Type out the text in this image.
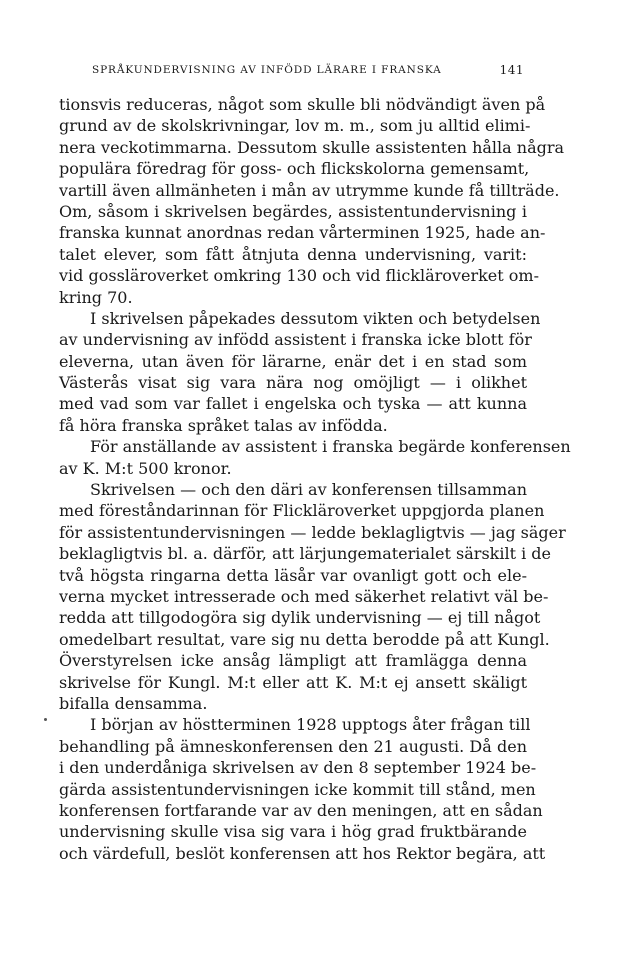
SPRÅKUNDERVISNING AV INFÖDD LÄRARE I FRANSKA	141
tionsvis reduceras, något som skulle bli nödvändigt även på
grund av de skolskrivningar, lov m. m., som ju alltid elimi-
nera veckotimmarna. Dessutom skulle assistenten hålla några
populära föredrag för goss- och flickskolorna gemensamt,
vartill även allmänheten i mån av utrymme kunde få tillträde.
Om, såsom i skrivelsen begärdes, assistentundervisning i
franska kunnat anordnas redan vårterminen 1925, hade an-
talet elever, som fått åtnjuta denna undervisning, varit:
vid gossläroverket omkring 130 och vid flickläroverket om-
kring 70.
I skrivelsen påpekades dessutom vikten och betydelsen
av undervisning av infödd assistent i franska icke blott för
eleverna, utan även för lärarne, enär det i en stad som
Västerås visat sig vara nära nog omöjligt — i olikhet
med vad som var fallet i engelska och tyska — att kunna
få höra franska språket talas av infödda.
För anställande av assistent i franska begärde konferensen
av K. M:t 500 kronor.
Skrivelsen — och den däri av konferensen tillsamman
med föreståndarinnan för Flickläroverket uppgjorda planen
för assistentundervisningen — ledde beklagligtvis — jag säger
beklagligtvis bl. a. därför, att lärjungematerialet särskilt i de
två högsta ringarna detta läsår var ovanligt gott och ele-
verna mycket intresserade och med säkerhet relativt väl be-
redda att tillgodogöra sig dylik undervisning — ej till något
omedelbart resultat, vare sig nu detta berodde på att Kungl.
Överstyrelsen icke ansåg lämpligt att framlägga denna
skrivelse för Kungl. M:t eller att K. M:t ej ansett skäligt
bifalla densamma.
I början av höstterminen 1928 upptogs åter frågan till
behandling på ämneskonferensen den 21 augusti. Då den
i den underdåniga skrivelsen av den 8 september 1924 be-
gärda assistentundervisningen icke kommit till stånd, men
konferensen fortfarande var av den meningen, att en sådan
undervisning skulle visa sig vara i hög grad fruktbärande
och värdefull, beslöt konferensen att hos Rektor begära, att
